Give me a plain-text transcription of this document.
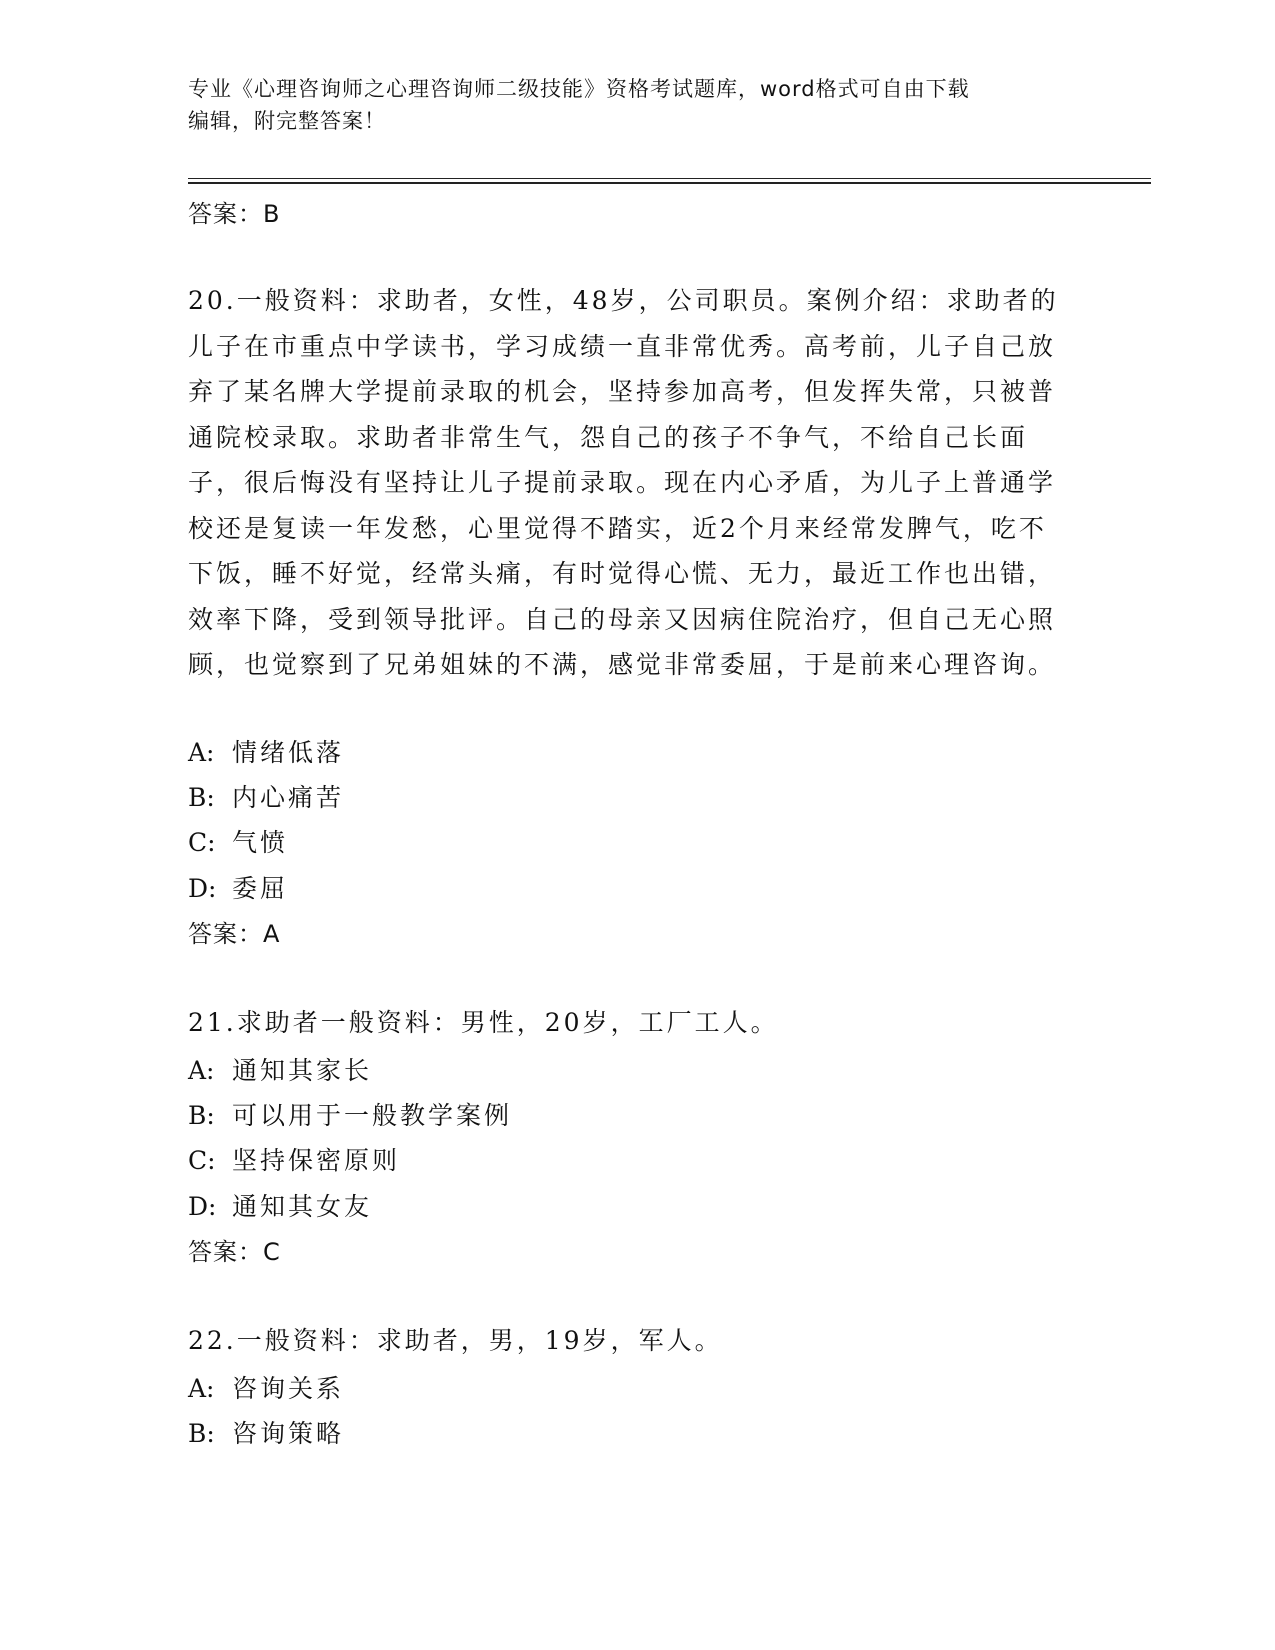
专业《心理咨询师之心理咨询师二级技能》资格考试题库，word格式可自由下载
编辑，附完整答案！
答案：B
20.一般资料：求助者，女性，48岁，公司职员。案例介绍：求助者的儿子在市重点中学读书，学习成绩一直非常优秀。高考前，儿子自己放弃了某名牌大学提前录取的机会，坚持参加高考，但发挥失常，只被普通院校录取。求助者非常生气，怨自己的孩子不争气，不给自己长面子，很后悔没有坚持让儿子提前录取。现在内心矛盾，为儿子上普通学校还是复读一年发愁，心里觉得不踏实，近2个月来经常发脾气，吃不下饭，睡不好觉，经常头痛，有时觉得心慌、无力，最近工作也出错，效率下降，受到领导批评。自己的母亲又因病住院治疗，但自己无心照顾，也觉察到了兄弟姐妹的不满，感觉非常委屈，于是前来心理咨询。
A: 情绪低落
B: 内心痛苦
C: 气愤
D: 委屈
答案：A
21.求助者一般资料：男性，20岁，工厂工人。
A: 通知其家长
B: 可以用于一般教学案例
C: 坚持保密原则
D: 通知其女友
答案：C
22.一般资料：求助者，男，19岁，军人。
A: 咨询关系
B: 咨询策略
